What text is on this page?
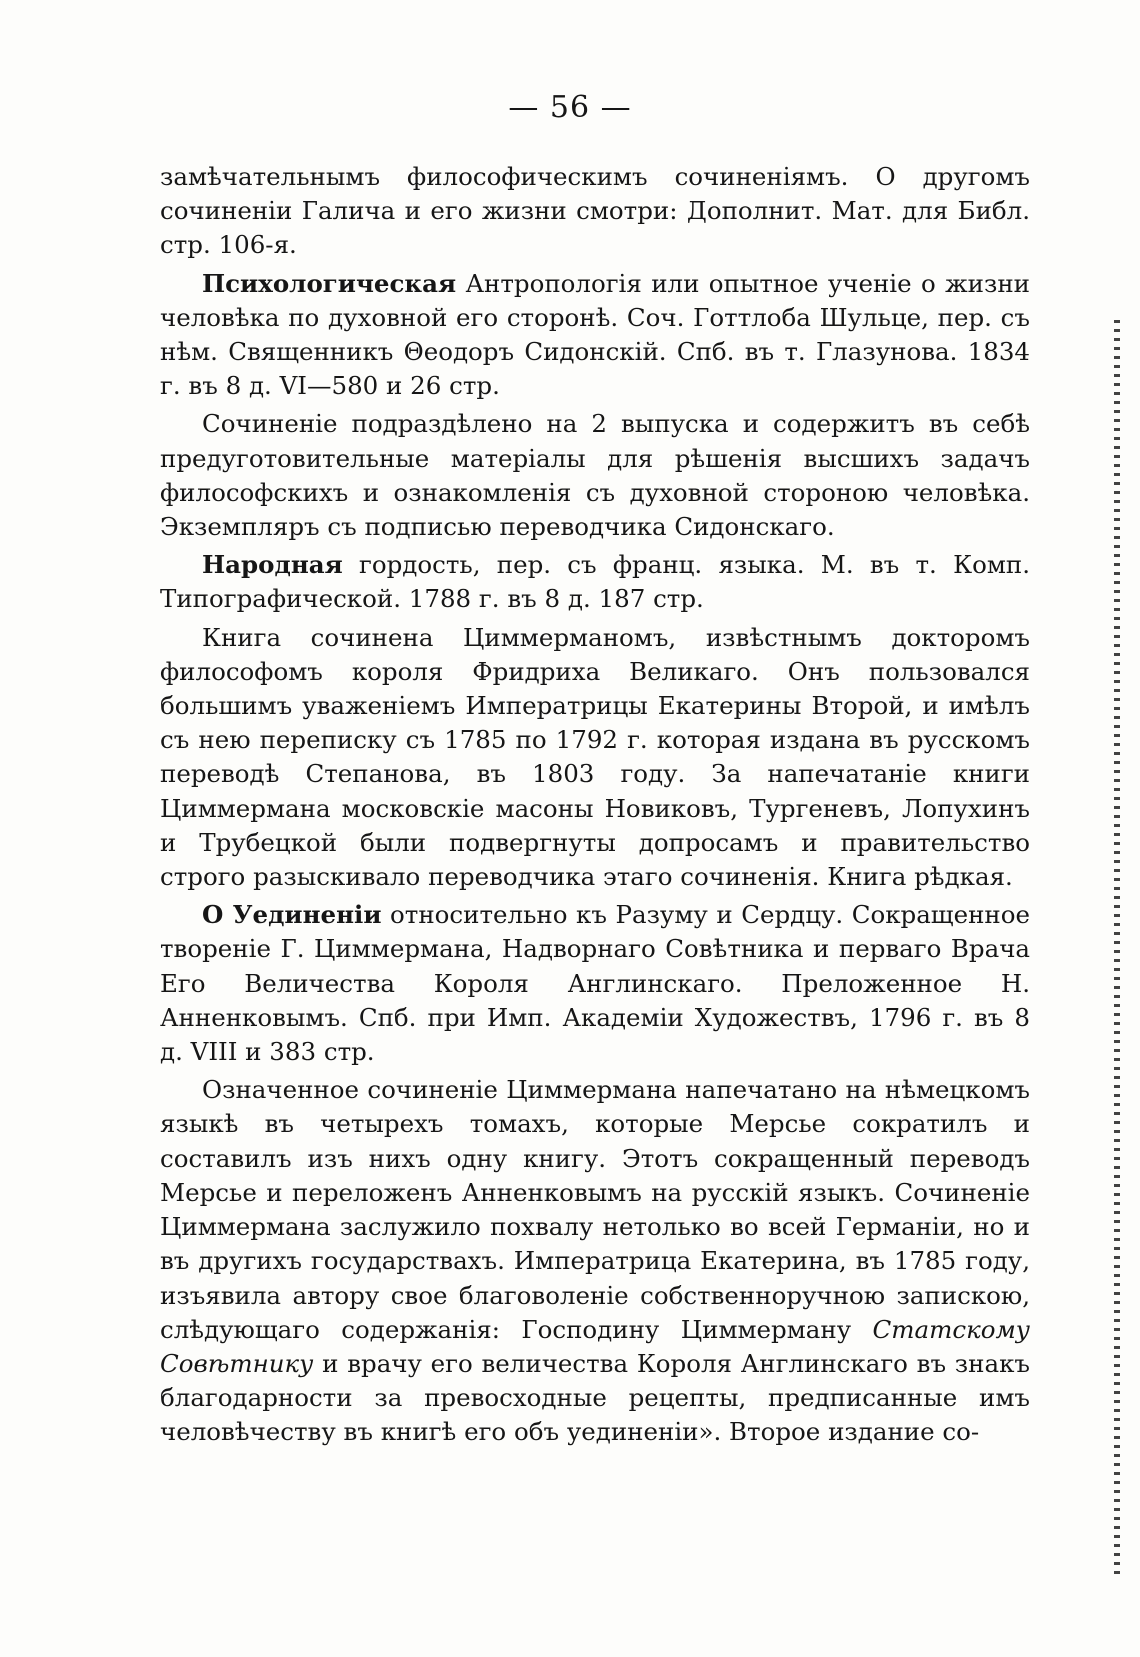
— 56 —

замѣчательнымъ философическимъ сочиненіямъ. О другомъ сочиненіи Галича и его жизни смотри: Дополнит. Мат. для Библ. стр. 106-я.

Психологическая Антропологія или опытное ученіе о жизни человѣка по духовной его сторонѣ. Соч. Готтлоба Шульце, пер. съ нѣм. Священникъ Θеодоръ Сидонскій. Спб. въ т. Глазунова. 1834 г. въ 8 д. VI—580 и 26 стр.

Сочиненіе подраздѣлено на 2 выпуска и содержитъ въ себѣ предуготовительные матеріалы для рѣшенія высшихъ задачъ философскихъ и ознакомленія съ духовной стороною человѣка. Экземпляръ съ подписью переводчика Сидонскаго.

Народная гордость, пер. съ франц. языка. М. въ т. Комп. Типографической. 1788 г. въ 8 д. 187 стр.

Книга сочинена Циммерманомъ, извѣстнымъ докторомъ философомъ короля Фридриха Великаго. Онъ пользовался большимъ уваженіемъ Императрицы Екатерины Второй, и имѣлъ съ нею переписку съ 1785 по 1792 г. которая издана въ русскомъ переводѣ Степанова, въ 1803 году. За напечатаніе книги Циммермана московскіе масоны Новиковъ, Тургеневъ, Лопухинъ и Трубецкой были подвергнуты допросамъ и правительство строго разыскивало переводчика этаго сочиненія. Книга рѣдкая.

О Уединеніи относительно къ Разуму и Сердцу. Сокращенное твореніе Г. Циммермана, Надворнаго Совѣтника и перваго Врача Его Величества Короля Англинскаго. Преложенное Н. Анненковымъ. Спб. при Имп. Академіи Художествъ, 1796 г. въ 8 д. VIII и 383 стр.

Означенное сочиненіе Циммермана напечатано на нѣмецкомъ языкѣ въ четырехъ томахъ, которые Мерсье сократилъ и составилъ изъ нихъ одну книгу. Этотъ сокращенный переводъ Мерсье и переложенъ Анненковымъ на русскій языкъ. Сочиненіе Циммермана заслужило похвалу нетолько во всей Германіи, но и въ другихъ государствахъ. Императрица Екатерина, въ 1785 году, изъявила автору свое благоволеніе собственноручною запискою, слѣдующаго содержанія: Господину Циммерману Статскому Совѣтнику и врачу его величества Короля Англинскаго въ знакъ благодарности за превосходные рецепты, предписанные имъ человѣчеству въ книгѣ его объ уединеніи». Второе издание со-
